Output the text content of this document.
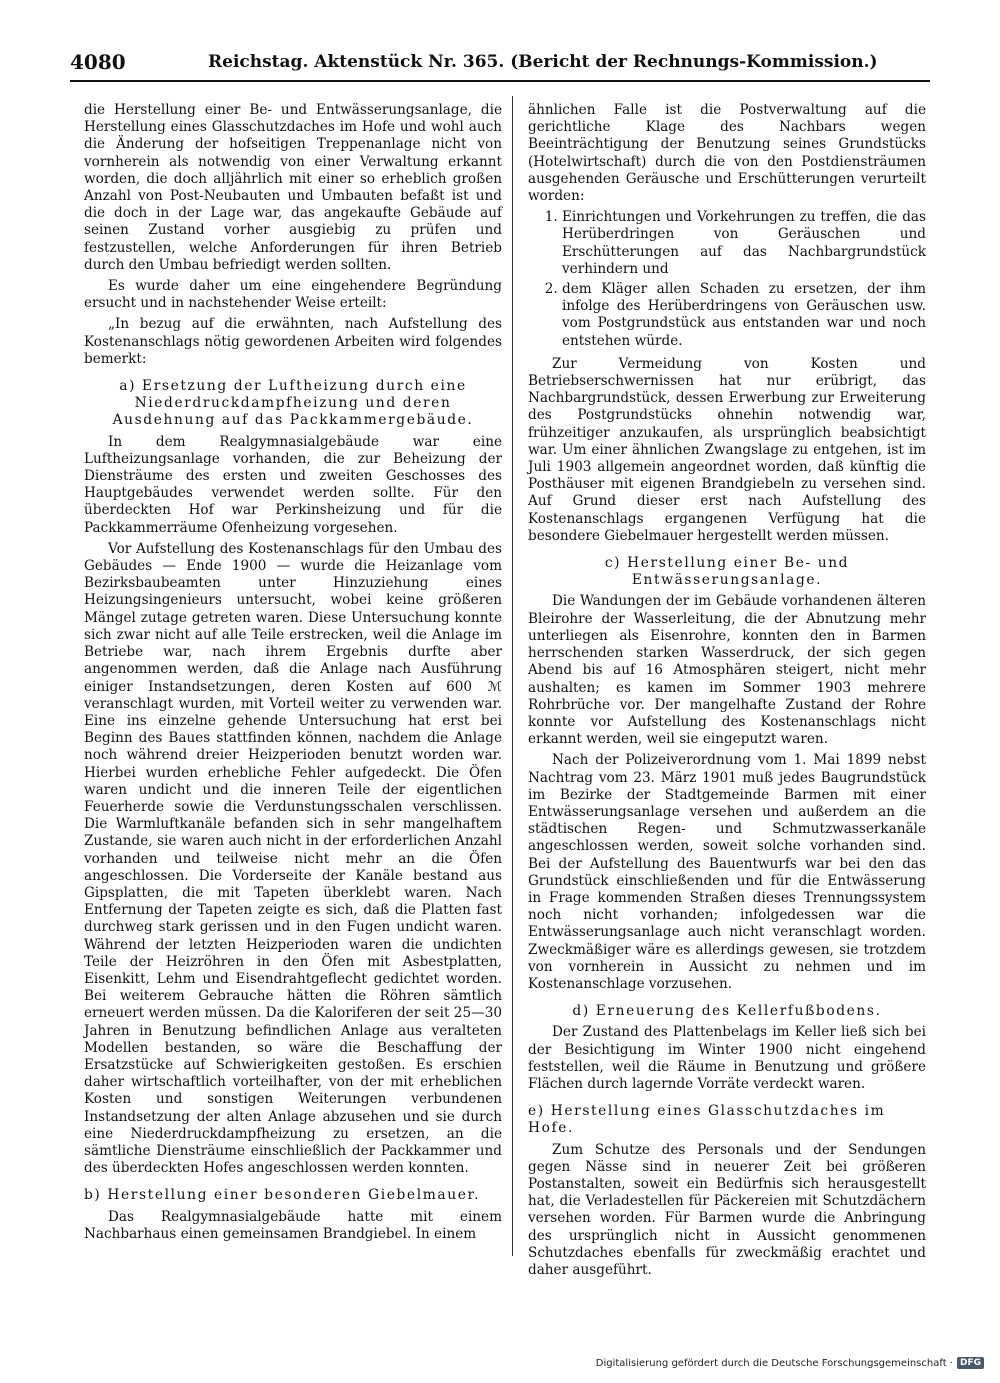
4080	Reichstag. Aktenstück Nr. 365. (Bericht der Rechnungs-Kommission.)

die Herstellung einer Be- und Entwässerungsanlage, die Herstellung eines Glasschutzdaches im Hofe und wohl auch die Änderung der hofseitigen Treppenanlage nicht von vornherein als notwendig von einer Verwaltung erkannt worden, die doch alljährlich mit einer so erheblich großen Anzahl von Post-Neubauten und Umbauten befaßt ist und die doch in der Lage war, das angekaufte Gebäude auf seinen Zustand vorher ausgiebig zu prüfen und festzustellen, welche Anforderungen für ihren Betrieb durch den Umbau befriedigt werden sollten.

Es wurde daher um eine eingehendere Begründung ersucht und in nachstehender Weise erteilt:

„In bezug auf die erwähnten, nach Aufstellung des Kostenanschlags nötig gewordenen Arbeiten wird folgendes bemerkt:

a) Ersetzung der Luftheizung durch eine Niederdruckdampfheizung und deren Ausdehnung auf das Packkammergebäude.

In dem Realgymnasialgebäude war eine Luftheizungsanlage vorhanden, die zur Beheizung der Diensträume des ersten und zweiten Geschosses des Hauptgebäudes verwendet werden sollte. Für den überdeckten Hof war Perkinsheizung und für die Packkammerräume Ofenheizung vorgesehen.

Vor Aufstellung des Kostenanschlags für den Umbau des Gebäudes — Ende 1900 — wurde die Heizanlage vom Bezirksbaubeamten unter Hinzuziehung eines Heizungsingenieurs untersucht, wobei keine größeren Mängel zutage getreten waren. Diese Untersuchung konnte sich zwar nicht auf alle Teile erstrecken, weil die Anlage im Betriebe war, nach ihrem Ergebnis durfte aber angenommen werden, daß die Anlage nach Ausführung einiger Instandsetzungen, deren Kosten auf 600 ℳ veranschlagt wurden, mit Vorteil weiter zu verwenden war. Eine ins einzelne gehende Untersuchung hat erst bei Beginn des Baues stattfinden können, nachdem die Anlage noch während dreier Heizperioden benutzt worden war. Hierbei wurden erhebliche Fehler aufgedeckt. Die Öfen waren undicht und die inneren Teile der eigentlichen Feuerherde sowie die Verdunstungsschalen verschlissen. Die Warmluftkanäle befanden sich in sehr mangelhaftem Zustande, sie waren auch nicht in der erforderlichen Anzahl vorhanden und teilweise nicht mehr an die Öfen angeschlossen. Die Vorderseite der Kanäle bestand aus Gipsplatten, die mit Tapeten überklebt waren. Nach Entfernung der Tapeten zeigte es sich, daß die Platten fast durchweg stark gerissen und in den Fugen undicht waren. Während der letzten Heizperioden waren die undichten Teile der Heizröhren in den Öfen mit Asbestplatten, Eisenkitt, Lehm und Eisendrahtgeflecht gedichtet worden. Bei weiterem Gebrauche hätten die Röhren sämtlich erneuert werden müssen. Da die Kaloriferen der seit 25—30 Jahren in Benutzung befindlichen Anlage aus veralteten Modellen bestanden, so wäre die Beschaffung der Ersatzstücke auf Schwierigkeiten gestoßen. Es erschien daher wirtschaftlich vorteilhafter, von der mit erheblichen Kosten und sonstigen Weiterungen verbundenen Instandsetzung der alten Anlage abzusehen und sie durch eine Niederdruckdampfheizung zu ersetzen, an die sämtliche Diensträume einschließlich der Packkammer und des überdeckten Hofes angeschlossen werden konnten.

b) Herstellung einer besonderen Giebelmauer.

Das Realgymnasialgebäude hatte mit einem Nachbarhaus einen gemeinsamen Brandgiebel. In einem

ähnlichen Falle ist die Postverwaltung auf die gerichtliche Klage des Nachbars wegen Beeinträchtigung der Benutzung seines Grundstücks (Hotelwirtschaft) durch die von den Postdiensträumen ausgehenden Geräusche und Erschütterungen verurteilt worden:

1. Einrichtungen und Vorkehrungen zu treffen, die das Herüberdringen von Geräuschen und Erschütterungen auf das Nachbargrundstück verhindern und
2. dem Kläger allen Schaden zu ersetzen, der ihm infolge des Herüberdringens von Geräuschen usw. vom Postgrundstück aus entstanden war und noch entstehen würde.

Zur Vermeidung von Kosten und Betriebserschwernissen hat nur erübrigt, das Nachbargrundstück, dessen Erwerbung zur Erweiterung des Postgrundstücks ohnehin notwendig war, frühzeitiger anzukaufen, als ursprünglich beabsichtigt war. Um einer ähnlichen Zwangslage zu entgehen, ist im Juli 1903 allgemein angeordnet worden, daß künftig die Posthäuser mit eigenen Brandgiebeln zu versehen sind. Auf Grund dieser erst nach Aufstellung des Kostenanschlags ergangenen Verfügung hat die besondere Giebelmauer hergestellt werden müssen.

c) Herstellung einer Be- und Entwässerungsanlage.

Die Wandungen der im Gebäude vorhandenen älteren Bleirohre der Wasserleitung, die der Abnutzung mehr unterliegen als Eisenrohre, konnten den in Barmen herrschenden starken Wasserdruck, der sich gegen Abend bis auf 16 Atmosphären steigert, nicht mehr aushalten; es kamen im Sommer 1903 mehrere Rohrbrüche vor. Der mangelhafte Zustand der Rohre konnte vor Aufstellung des Kostenanschlags nicht erkannt werden, weil sie eingeputzt waren.

Nach der Polizeiverordnung vom 1. Mai 1899 nebst Nachtrag vom 23. März 1901 muß jedes Baugrundstück im Bezirke der Stadtgemeinde Barmen mit einer Entwässerungsanlage versehen und außerdem an die städtischen Regen- und Schmutzwasserkanäle angeschlossen werden, soweit solche vorhanden sind. Bei der Aufstellung des Bauentwurfs war bei den das Grundstück einschließenden und für die Entwässerung in Frage kommenden Straßen dieses Trennungssystem noch nicht vorhanden; infolgedessen war die Entwässerungsanlage auch nicht veranschlagt worden. Zweckmäßiger wäre es allerdings gewesen, sie trotzdem von vornherein in Aussicht zu nehmen und im Kostenanschlage vorzusehen.

d) Erneuerung des Kellerfußbodens.

Der Zustand des Plattenbelags im Keller ließ sich bei der Besichtigung im Winter 1900 nicht eingehend feststellen, weil die Räume in Benutzung und größere Flächen durch lagernde Vorräte verdeckt waren.

e) Herstellung eines Glasschutzdaches im Hofe.

Zum Schutze des Personals und der Sendungen gegen Nässe sind in neuerer Zeit bei größeren Postanstalten, soweit ein Bedürfnis sich herausgestellt hat, die Verladestellen für Päckereien mit Schutzdächern versehen worden. Für Barmen wurde die Anbringung des ursprünglich nicht in Aussicht genommenen Schutzdaches ebenfalls für zweckmäßig erachtet und daher ausgeführt.

Digitalisierung gefördert durch die Deutsche Forschungsgemeinschaft · DFG
